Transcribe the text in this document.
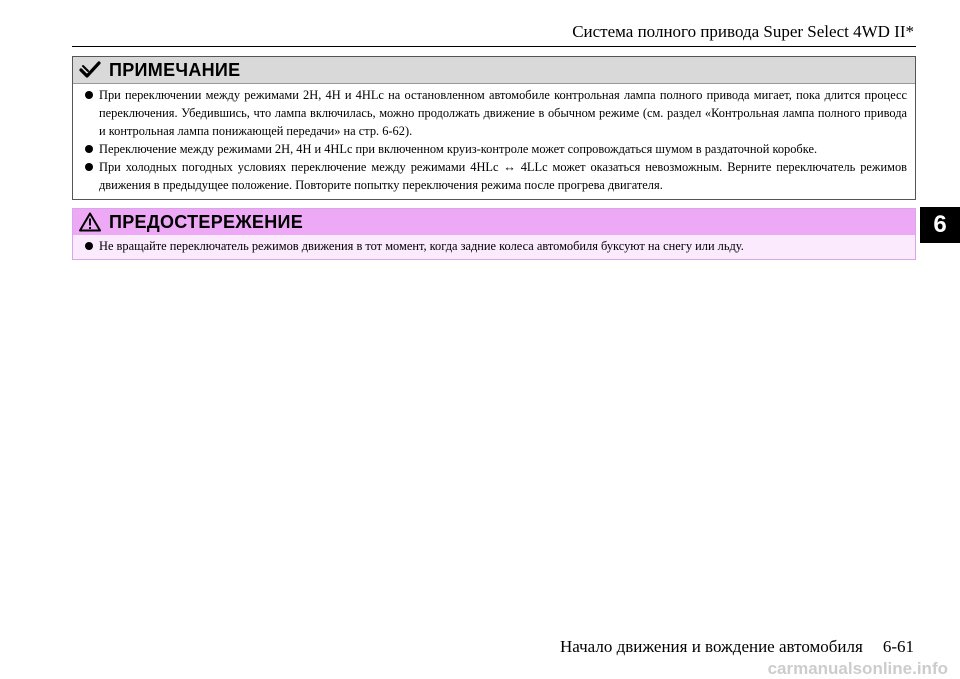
Система полного привода Super Select 4WD II*
ПРИМЕЧАНИЕ
При переключении между режимами 2H, 4H и 4HLc на остановленном автомобиле контрольная лампа полного привода мигает, пока длится процесс переключения. Убедившись, что лампа включилась, можно продолжать движение в обычном режиме (см. раздел «Контрольная лампа полного привода и контрольная лампа понижающей передачи» на стр. 6-62).
Переключение между режимами 2H, 4H и 4HLc при включенном круиз-контроле может сопровождаться шумом в раздаточной коробке.
При холодных погодных условиях переключение между режимами 4HLc ↔ 4LLc может оказаться невозможным. Верните переключатель режимов движения в предыдущее положение. Повторите попытку переключения режима после прогрева двигателя.
ПРЕДОСТЕРЕЖЕНИЕ
Не вращайте переключатель режимов движения в тот момент, когда задние колеса автомобиля буксуют на снегу или льду.
6
Начало движения и вождение автомобиля 6-61
carmanualsonline.info
